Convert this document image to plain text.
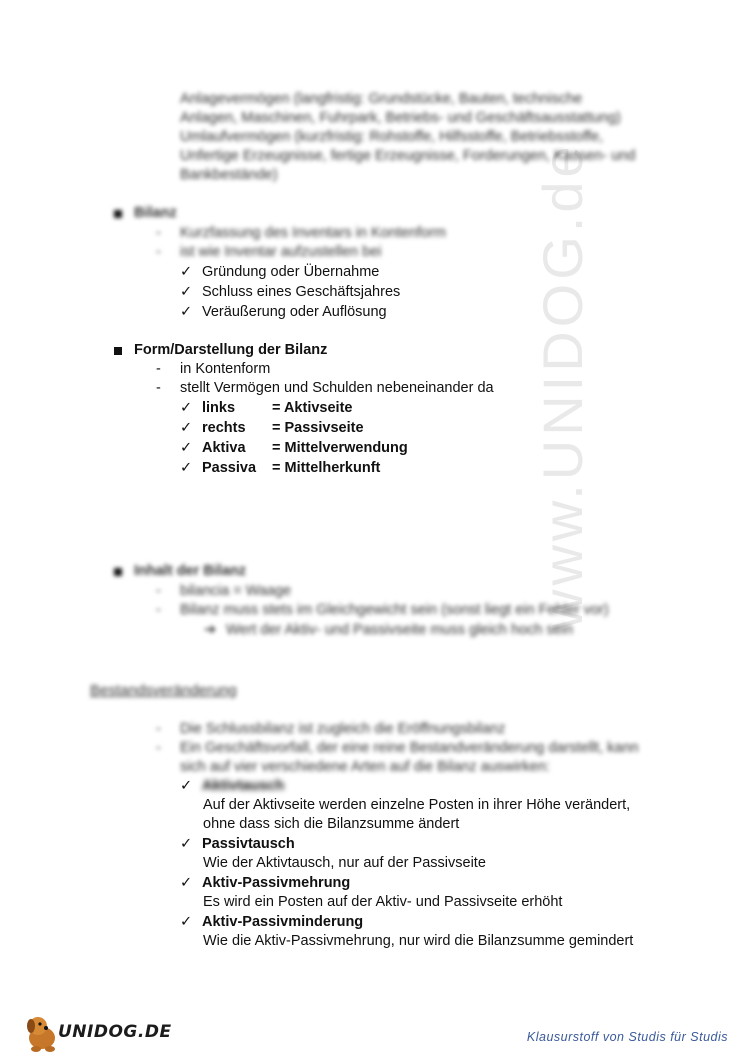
www.UNIDOG.de
Anlagevermögen (langfristig: Grundstücke, Bauten, technische
Anlagen, Maschinen, Fuhrpark, Betriebs- und Geschäftsausstattung)
Umlaufvermögen (kurzfristig: Rohstoffe, Hilfsstoffe, Betriebsstoffe,
Unfertige Erzeugnisse, fertige Erzeugnisse, Forderungen, Kassen- und
Bankbestände)
Bilanz
- Kurzfassung des Inventars in Kontenform
- ist wie Inventar aufzustellen bei
✓ Gründung oder Übernahme
✓ Schluss eines Geschäftsjahres
✓ Veräußerung oder Auflösung
Form/Darstellung der Bilanz
- in Kontenform
- stellt Vermögen und Schulden nebeneinander da
✓ links	= Aktivseite
✓ rechts = Passivseite
✓ Aktiva = Mittelverwendung
✓ Passiva = Mittelherkunft
Inhalt der Bilanz
- bilancia = Waage
- Bilanz muss stets im Gleichgewicht sein (sonst liegt ein Fehler vor)
➔ Wert der Aktiv- und Passivseite muss gleich hoch sein
Bestandsveränderung
- Die Schlussbilanz ist zugleich die Eröffnungsbilanz
- Ein Geschäftsvorfall, der eine reine Bestandveränderung darstellt, kann
sich auf vier verschiedene Arten auf die Bilanz auswirken:
✓ Aktivtausch
Auf der Aktivseite werden einzelne Posten in ihrer Höhe verändert,
ohne dass sich die Bilanzsumme ändert
✓ Passivtausch
Wie der Aktivtausch, nur auf der Passivseite
✓ Aktiv-Passivmehrung
Es wird ein Posten auf der Aktiv- und Passivseite erhöht
✓ Aktiv-Passivminderung
Wie die Aktiv-Passivmehrung, nur wird die Bilanzsumme gemindert
UNIDOG.DE	Klausurstoff von Studis für Studis
